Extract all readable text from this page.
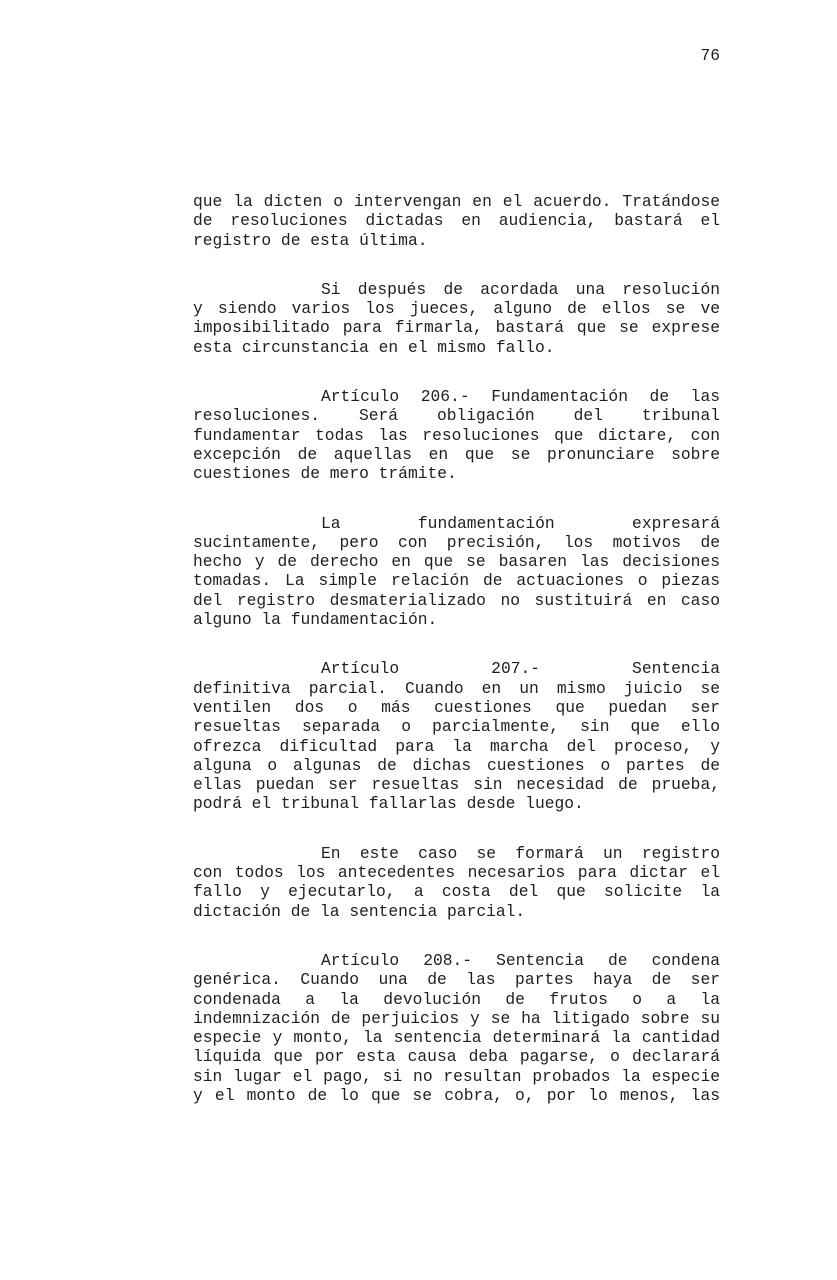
76
que la dicten o intervengan en el acuerdo. Tratándose
de resoluciones dictadas en audiencia, bastará el
registro de esta última.
Si después de acordada una resolución
y siendo varios los jueces, alguno de ellos se ve
imposibilitado para firmarla, bastará que se exprese
esta circunstancia en el mismo fallo.
Artículo 206.- Fundamentación de las
resoluciones. Será obligación del tribunal
fundamentar todas las resoluciones que dictare, con
excepción de aquellas en que se pronunciare sobre
cuestiones de mero trámite.
La fundamentación expresará
sucintamente, pero con precisión, los motivos de
hecho y de derecho en que se basaren las decisiones
tomadas. La simple relación de actuaciones o piezas
del registro desmaterializado no sustituirá en caso
alguno la fundamentación.
Artículo 207.- Sentencia
definitiva parcial. Cuando en un mismo juicio se
ventilen dos o más cuestiones que puedan ser
resueltas separada o parcialmente, sin que ello
ofrezca dificultad para la marcha del proceso, y
alguna o algunas de dichas cuestiones o partes de
ellas puedan ser resueltas sin necesidad de prueba,
podrá el tribunal fallarlas desde luego.
En este caso se formará un registro
con todos los antecedentes necesarios para dictar el
fallo y ejecutarlo, a costa del que solicite la
dictación de la sentencia parcial.
Artículo 208.- Sentencia de condena
genérica. Cuando una de las partes haya de ser
condenada a la devolución de frutos o a la
indemnización de perjuicios y se ha litigado sobre su
especie y monto, la sentencia determinará la cantidad
líquida que por esta causa deba pagarse, o declarará
sin lugar el pago, si no resultan probados la especie
y el monto de lo que se cobra, o, por lo menos, las
